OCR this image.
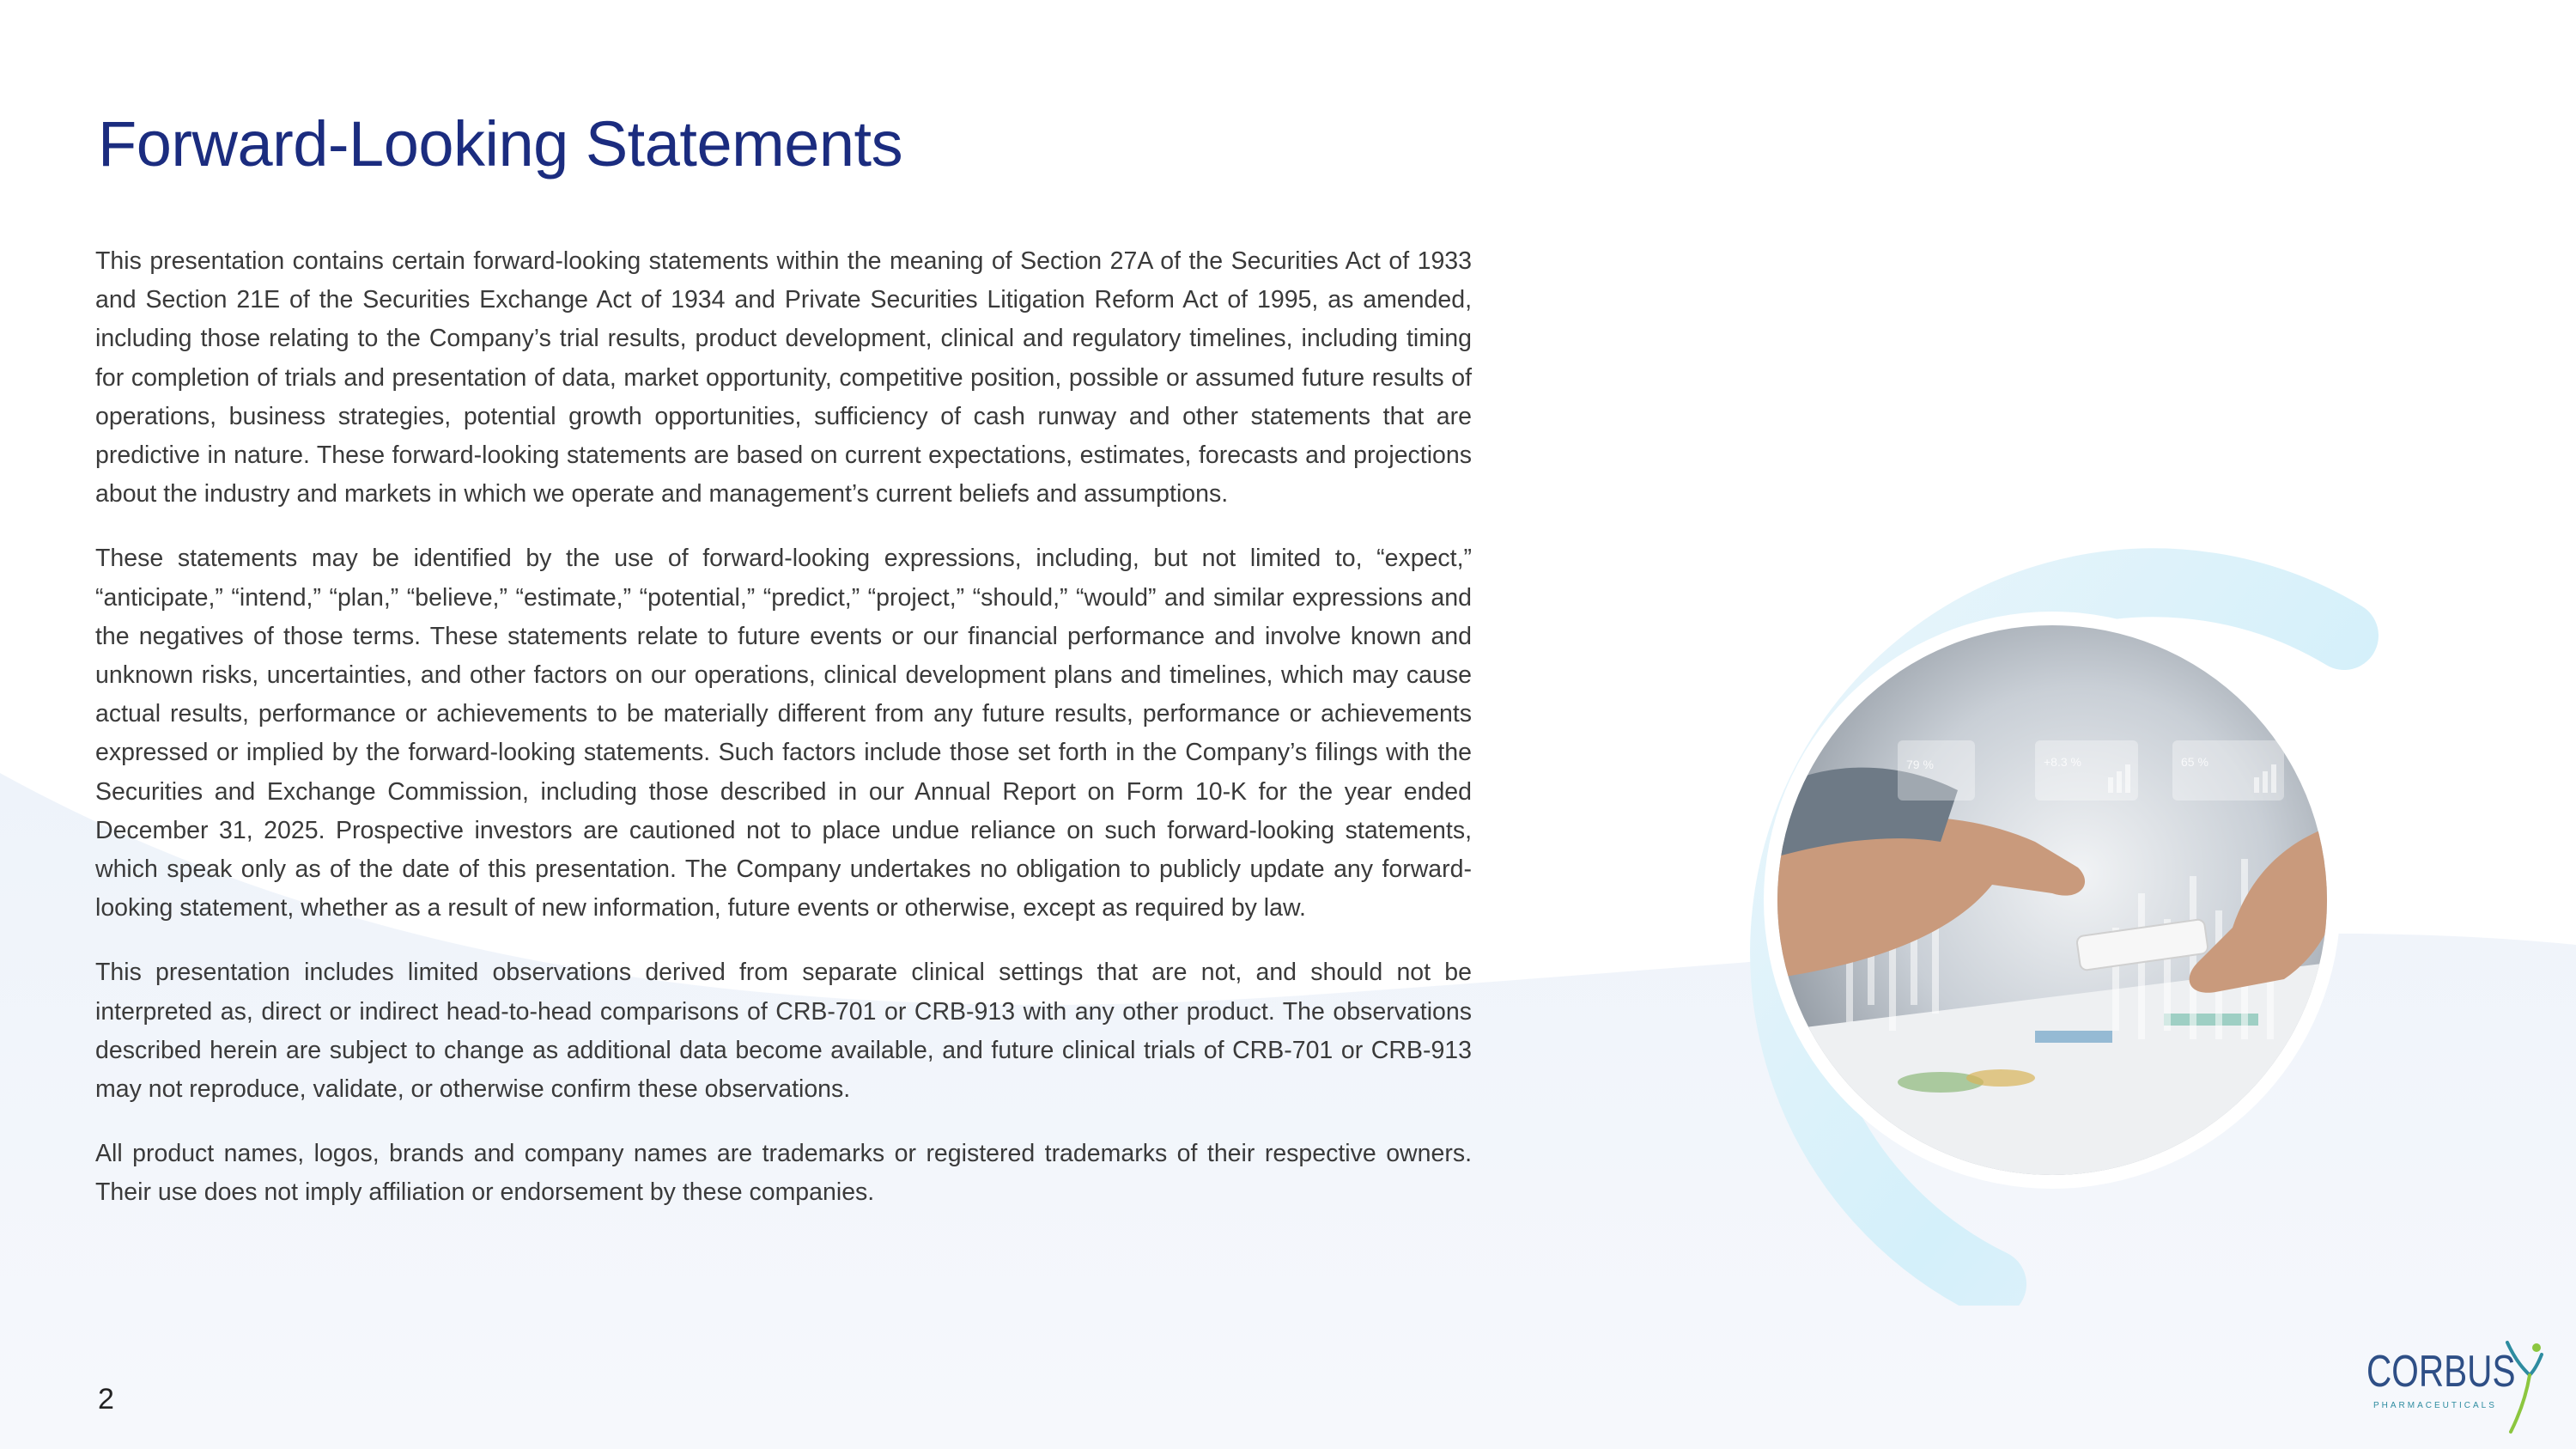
Forward-Looking Statements

This presentation contains certain forward-looking statements within the meaning of Section 27A of the Securities Act of 1933 and Section 21E of the Securities Exchange Act of 1934 and Private Securities Litigation Reform Act of 1995, as amended, including those relating to the Company’s trial results, product development, clinical and regulatory timelines, including timing for completion of trials and presentation of data, market opportunity, competitive position, possible or assumed future results of operations, business strategies, potential growth opportunities, sufficiency of cash runway and other statements that are predictive in nature. These forward-looking statements are based on current expectations, estimates, forecasts and projections about the industry and markets in which we operate and management’s current beliefs and assumptions.

These statements may be identified by the use of forward-looking expressions, including, but not limited to, “expect,” “anticipate,” “intend,” “plan,” “believe,” “estimate,” “potential,” “predict,” “project,” “should,” “would” and similar expressions and the negatives of those terms. These statements relate to future events or our financial performance and involve known and unknown risks, uncertainties, and other factors on our operations, clinical development plans and timelines, which may cause actual results, performance or achievements to be materially different from any future results, performance or achievements expressed or implied by the forward-looking statements. Such factors include those set forth in the Company’s filings with the Securities and Exchange Commission, including those described in our Annual Report on Form 10-K for the year ended December 31, 2025. Prospective investors are cautioned not to place undue reliance on such forward-looking statements, which speak only as of the date of this presentation. The Company undertakes no obligation to publicly update any forward-looking statement, whether as a result of new information, future events or otherwise, except as required by law.

This presentation includes limited observations derived from separate clinical settings that are not, and should not be interpreted as, direct or indirect head-to-head comparisons of CRB-701 or CRB-913 with any other product. The observations described herein are subject to change as additional data become available, and future clinical trials of CRB-701 or CRB-913 may not reproduce, validate, or otherwise confirm these observations.

All product names, logos, brands and company names are trademarks or registered trademarks of their respective owners. Their use does not imply affiliation or endorsement by these companies.

79 %	+8.3 %	65 %
2
CORBUS
PHARMACEUTICALS
